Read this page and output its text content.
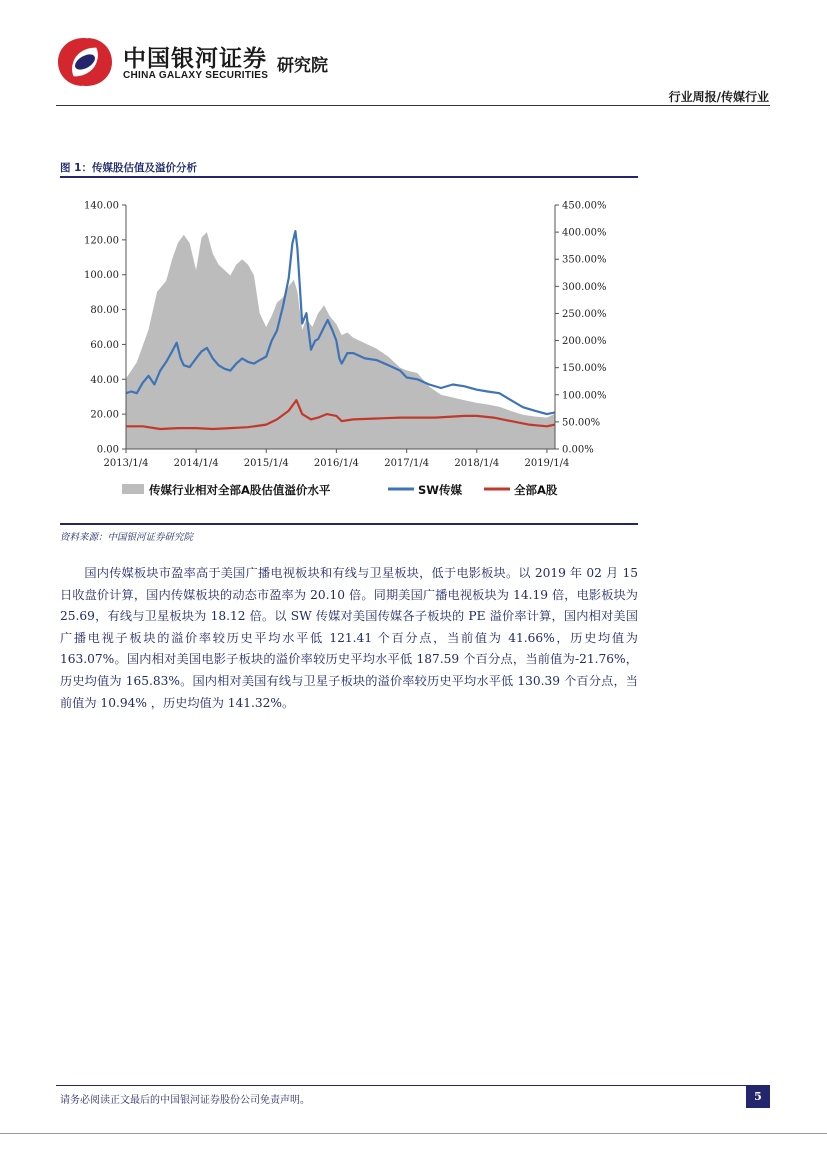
中国银河证券
CHINA GALAXY SECURITIES 研究院
行业周报/传媒行业
图 1：传媒股估值及溢价分析
0.00
20.00
40.00
60.00
80.00
100.00
120.00
140.00
0.00%
50.00%
100.00%
150.00%
200.00%
250.00%
300.00%
350.00%
400.00%
450.00%
2013/1/4	2014/1/4	2015/1/4	2016/1/4	2017/1/4	2018/1/4	2019/1/4
传媒行业相对全部A股估值溢价水平	SW传媒	全部A股
资料来源：中国银河证券研究院

国内传媒板块市盈率高于美国广播电视板块和有线与卫星板块，低于电影板块。以 2019 年 02 月 15 日收盘价计算，国内传媒板块的动态市盈率为 20.10 倍。同期美国广播电视板块为 14.19 倍，电影板块为 25.69，有线与卫星板块为 18.12 倍。以 SW 传媒对美国传媒各子板块的 PE 溢价率计算，国内相对美国广播电视子板块的溢价率较历史平均水平低 121.41 个百分点，当前值为 41.66%，历史均值为 163.07%。国内相对美国电影子板块的溢价率较历史平均水平低 187.59 个百分点，当前值为-21.76%，历史均值为 165.83%。国内相对美国有线与卫星子板块的溢价率较历史平均水平低 130.39 个百分点，当前值为 10.94% ，历史均值为 141.32%。

请务必阅读正文最后的中国银河证券股份公司免责声明。	5
